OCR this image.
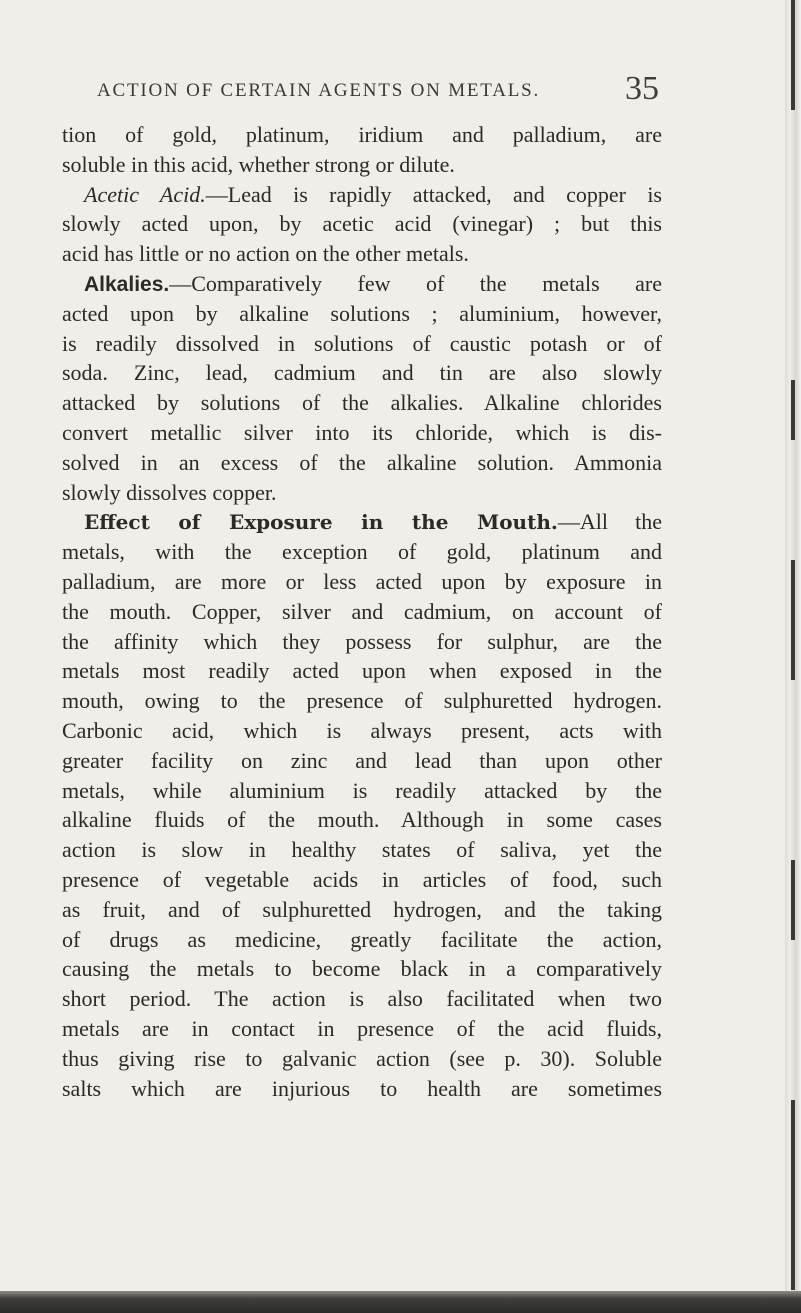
ACTION OF CERTAIN AGENTS ON METALS. 35
tion of gold, platinum, iridium and palladium, are
soluble in this acid, whether strong or dilute.
Acetic Acid.—Lead is rapidly attacked, and copper is
slowly acted upon, by acetic acid (vinegar) ; but this
acid has little or no action on the other metals.
Alkalies.—Comparatively few of the metals are
acted upon by alkaline solutions ; aluminium, however,
is readily dissolved in solutions of caustic potash or of
soda. Zinc, lead, cadmium and tin are also slowly
attacked by solutions of the alkalies. Alkaline chlorides
convert metallic silver into its chloride, which is dis-
solved in an excess of the alkaline solution. Ammonia
slowly dissolves copper.
Effect of Exposure in the Mouth.—All the
metals, with the exception of gold, platinum and
palladium, are more or less acted upon by exposure in
the mouth. Copper, silver and cadmium, on account of
the affinity which they possess for sulphur, are the
metals most readily acted upon when exposed in the
mouth, owing to the presence of sulphuretted hydrogen.
Carbonic acid, which is always present, acts with
greater facility on zinc and lead than upon other
metals, while aluminium is readily attacked by the
alkaline fluids of the mouth. Although in some cases
action is slow in healthy states of saliva, yet the
presence of vegetable acids in articles of food, such
as fruit, and of sulphuretted hydrogen, and the taking
of drugs as medicine, greatly facilitate the action,
causing the metals to become black in a comparatively
short period. The action is also facilitated when two
metals are in contact in presence of the acid fluids,
thus giving rise to galvanic action (see p. 30). Soluble
salts which are injurious to health are sometimes
